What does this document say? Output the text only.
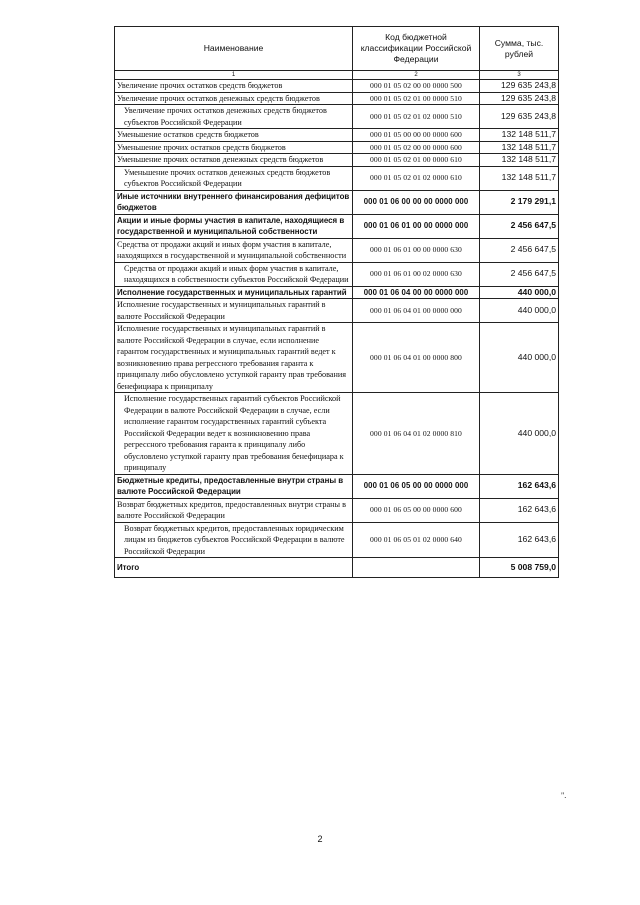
Наименование	Код бюджетной классификации Российской Федерации	Сумма, тыс. рублей
1	2	3
Увеличение прочих остатков средств бюджетов	000 01 05 02 00 00 0000 500	129 635 243,8
Увеличение прочих остатков денежных средств бюджетов	000 01 05 02 01 00 0000 510	129 635 243,8
Увеличение прочих остатков денежных средств бюджетов субъектов Российской Федерации	000 01 05 02 01 02 0000 510	129 635 243,8
Уменьшение остатков средств бюджетов	000 01 05 00 00 00 0000 600	132 148 511,7
Уменьшение прочих остатков средств бюджетов	000 01 05 02 00 00 0000 600	132 148 511,7
Уменьшение прочих остатков денежных средств бюджетов	000 01 05 02 01 00 0000 610	132 148 511,7
Уменьшение прочих остатков денежных средств бюджетов субъектов Российской Федерации	000 01 05 02 01 02 0000 610	132 148 511,7
Иные источники внутреннего финансирования дефицитов бюджетов	000 01 06 00 00 00 0000 000	2 179 291,1
Акции и иные формы участия в капитале, находящиеся в государственной и муниципальной собственности	000 01 06 01 00 00 0000 000	2 456 647,5
Средства от продажи акций и иных форм участия в капитале, находящихся в государственной и муниципальной собственности	000 01 06 01 00 00 0000 630	2 456 647,5
Средства от продажи акций и иных форм участия в капитале, находящихся в собственности субъектов Российской Федерации	000 01 06 01 00 02 0000 630	2 456 647,5
Исполнение государственных и муниципальных гарантий	000 01 06 04 00 00 0000 000	440 000,0
Исполнение государственных и муниципальных гарантий в валюте Российской Федерации	000 01 06 04 01 00 0000 000	440 000,0
Исполнение государственных и муниципальных гарантий в валюте Российской Федерации в случае, если исполнение гарантом государственных и муниципальных гарантий ведет к возникновению права регрессного требования гаранта к принципалу либо обусловлено уступкой гаранту прав требования бенефициара к принципалу	000 01 06 04 01 00 0000 800	440 000,0
Исполнение государственных гарантий субъектов Российской Федерации в валюте Российской Федерации в случае, если исполнение гарантом государственных гарантий субъекта Российской Федерации ведет к возникновению права регрессного требования гаранта к принципалу либо обусловлено уступкой гаранту прав требования бенефициара к принципалу	000 01 06 04 01 02 0000 810	440 000,0
Бюджетные кредиты, предоставленные внутри страны в валюте Российской Федерации	000 01 06 05 00 00 0000 000	162 643,6
Возврат бюджетных кредитов, предоставленных внутри страны в валюте Российской Федерации	000 01 06 05 00 00 0000 600	162 643,6
Возврат бюджетных кредитов, предоставленных юридическим лицам из бюджетов субъектов Российской Федерации в валюте Российской Федерации	000 01 06 05 01 02 0000 640	162 643,6
Итого		5 008 759,0
".
2
